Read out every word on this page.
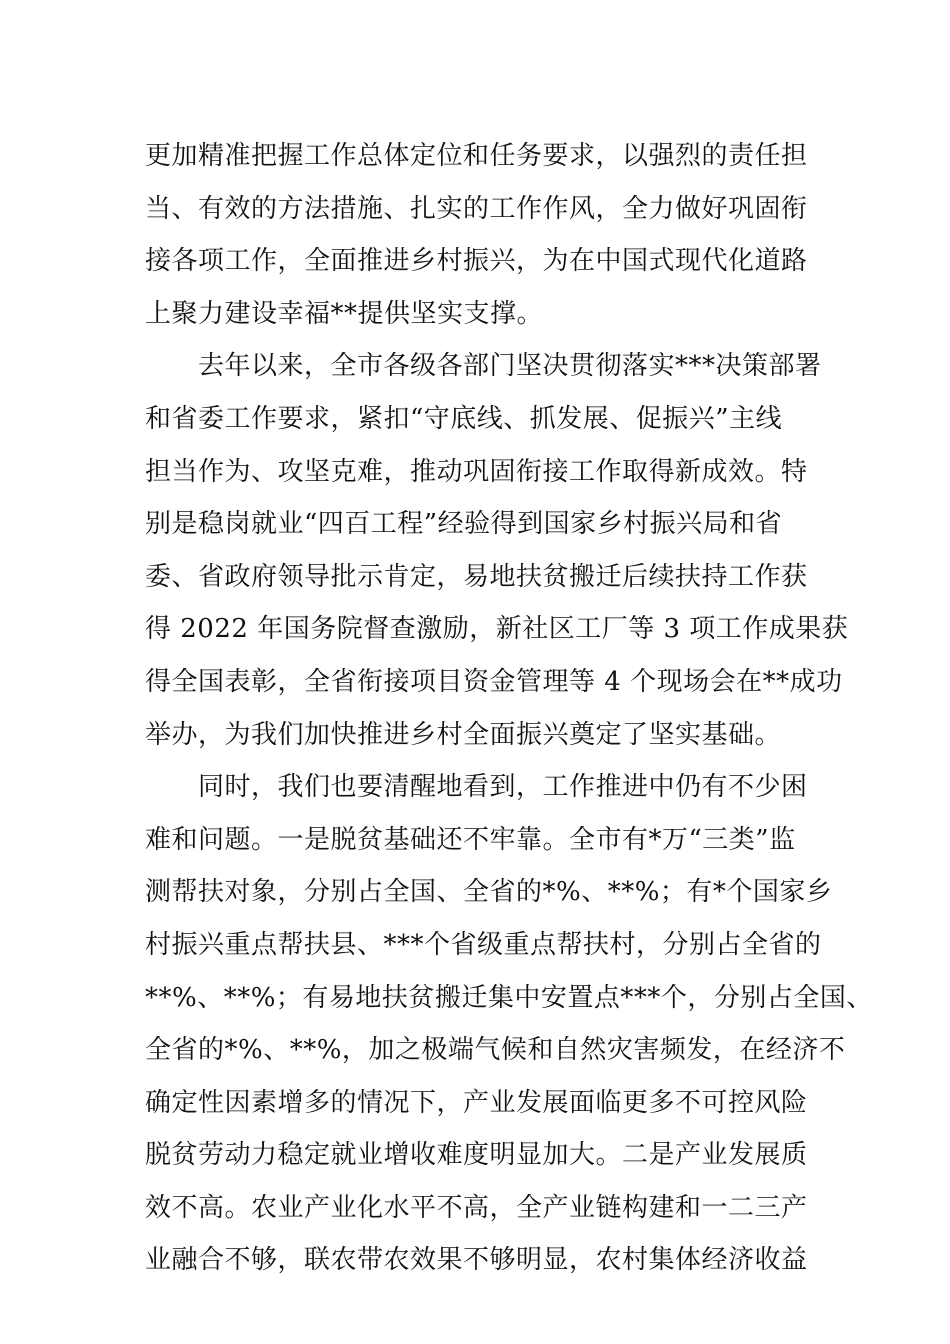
更加精准把握工作总体定位和任务要求，以强烈的责任担
当、有效的方法措施、扎实的工作作风，全力做好巩固衔
接各项工作，全面推进乡村振兴，为在中国式现代化道路
上聚力建设幸福**提供坚实支撑。
　　去年以来，全市各级各部门坚决贯彻落实***决策部署
和省委工作要求，紧扣“守底线、抓发展、促振兴”主线
担当作为、攻坚克难，推动巩固衔接工作取得新成效。特
别是稳岗就业“四百工程”经验得到国家乡村振兴局和省
委、省政府领导批示肯定，易地扶贫搬迁后续扶持工作获
得 2022 年国务院督查激励，新社区工厂等 3 项工作成果获
得全国表彰，全省衔接项目资金管理等 4 个现场会在**成功
举办，为我们加快推进乡村全面振兴奠定了坚实基础。
　　同时，我们也要清醒地看到，工作推进中仍有不少困
难和问题。一是脱贫基础还不牢靠。全市有*万“三类”监
测帮扶对象，分别占全国、全省的*%、**%；有*个国家乡
村振兴重点帮扶县、***个省级重点帮扶村，分别占全省的
**%、**%；有易地扶贫搬迁集中安置点***个，分别占全国、
全省的*%、**%，加之极端气候和自然灾害频发，在经济不
确定性因素增多的情况下，产业发展面临更多不可控风险
脱贫劳动力稳定就业增收难度明显加大。二是产业发展质
效不高。农业产业化水平不高，全产业链构建和一二三产
业融合不够，联农带农效果不够明显，农村集体经济收益
